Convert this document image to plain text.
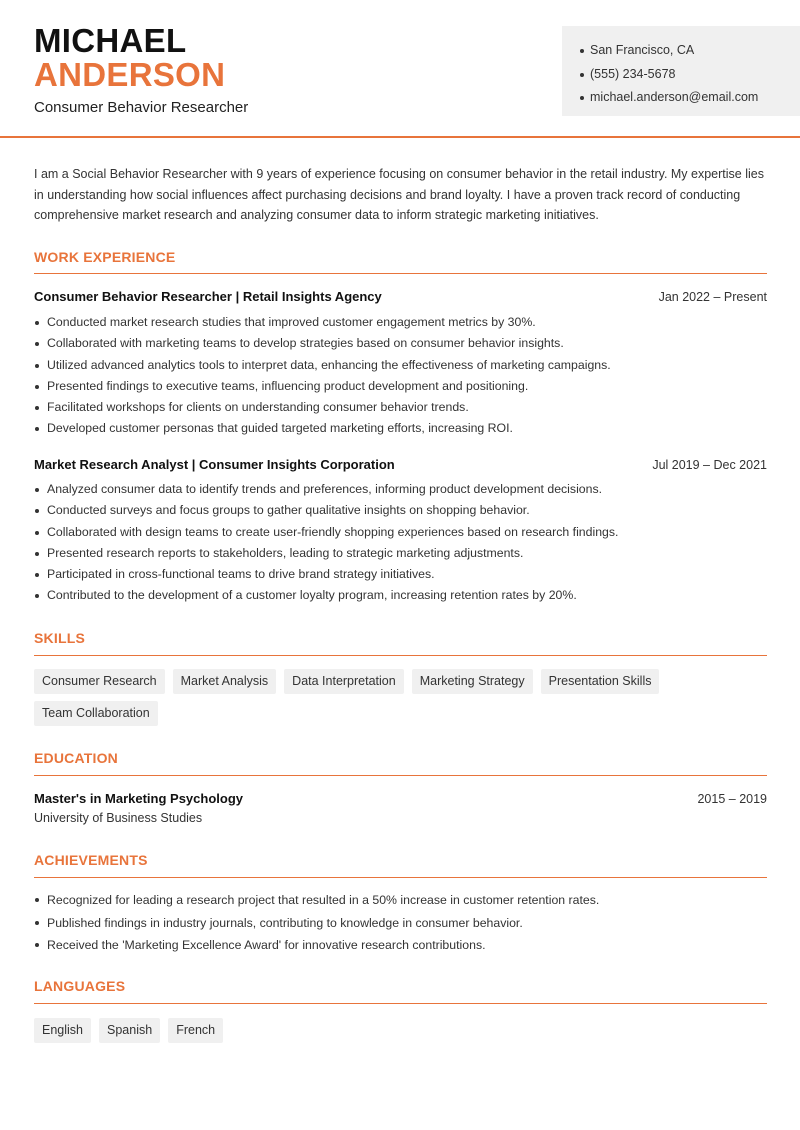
MICHAEL
ANDERSON
Consumer Behavior Researcher
San Francisco, CA
(555) 234-5678
michael.anderson@email.com

I am a Social Behavior Researcher with 9 years of experience focusing on consumer behavior in the retail industry. My expertise lies in understanding how social influences affect purchasing decisions and brand loyalty. I have a proven track record of conducting comprehensive market research and analyzing consumer data to inform strategic marketing initiatives.

WORK EXPERIENCE
Consumer Behavior Researcher | Retail Insights Agency	Jan 2022 – Present
Conducted market research studies that improved customer engagement metrics by 30%.
Collaborated with marketing teams to develop strategies based on consumer behavior insights.
Utilized advanced analytics tools to interpret data, enhancing the effectiveness of marketing campaigns.
Presented findings to executive teams, influencing product development and positioning.
Facilitated workshops for clients on understanding consumer behavior trends.
Developed customer personas that guided targeted marketing efforts, increasing ROI.
Market Research Analyst | Consumer Insights Corporation	Jul 2019 – Dec 2021
Analyzed consumer data to identify trends and preferences, informing product development decisions.
Conducted surveys and focus groups to gather qualitative insights on shopping behavior.
Collaborated with design teams to create user-friendly shopping experiences based on research findings.
Presented research reports to stakeholders, leading to strategic marketing adjustments.
Participated in cross-functional teams to drive brand strategy initiatives.
Contributed to the development of a customer loyalty program, increasing retention rates by 20%.
SKILLS
Consumer Research	Market Analysis	Data Interpretation	Marketing Strategy	Presentation Skills
Team Collaboration
EDUCATION
Master's in Marketing Psychology	2015 – 2019
University of Business Studies
ACHIEVEMENTS
Recognized for leading a research project that resulted in a 50% increase in customer retention rates.
Published findings in industry journals, contributing to knowledge in consumer behavior.
Received the 'Marketing Excellence Award' for innovative research contributions.
LANGUAGES
English	Spanish	French
